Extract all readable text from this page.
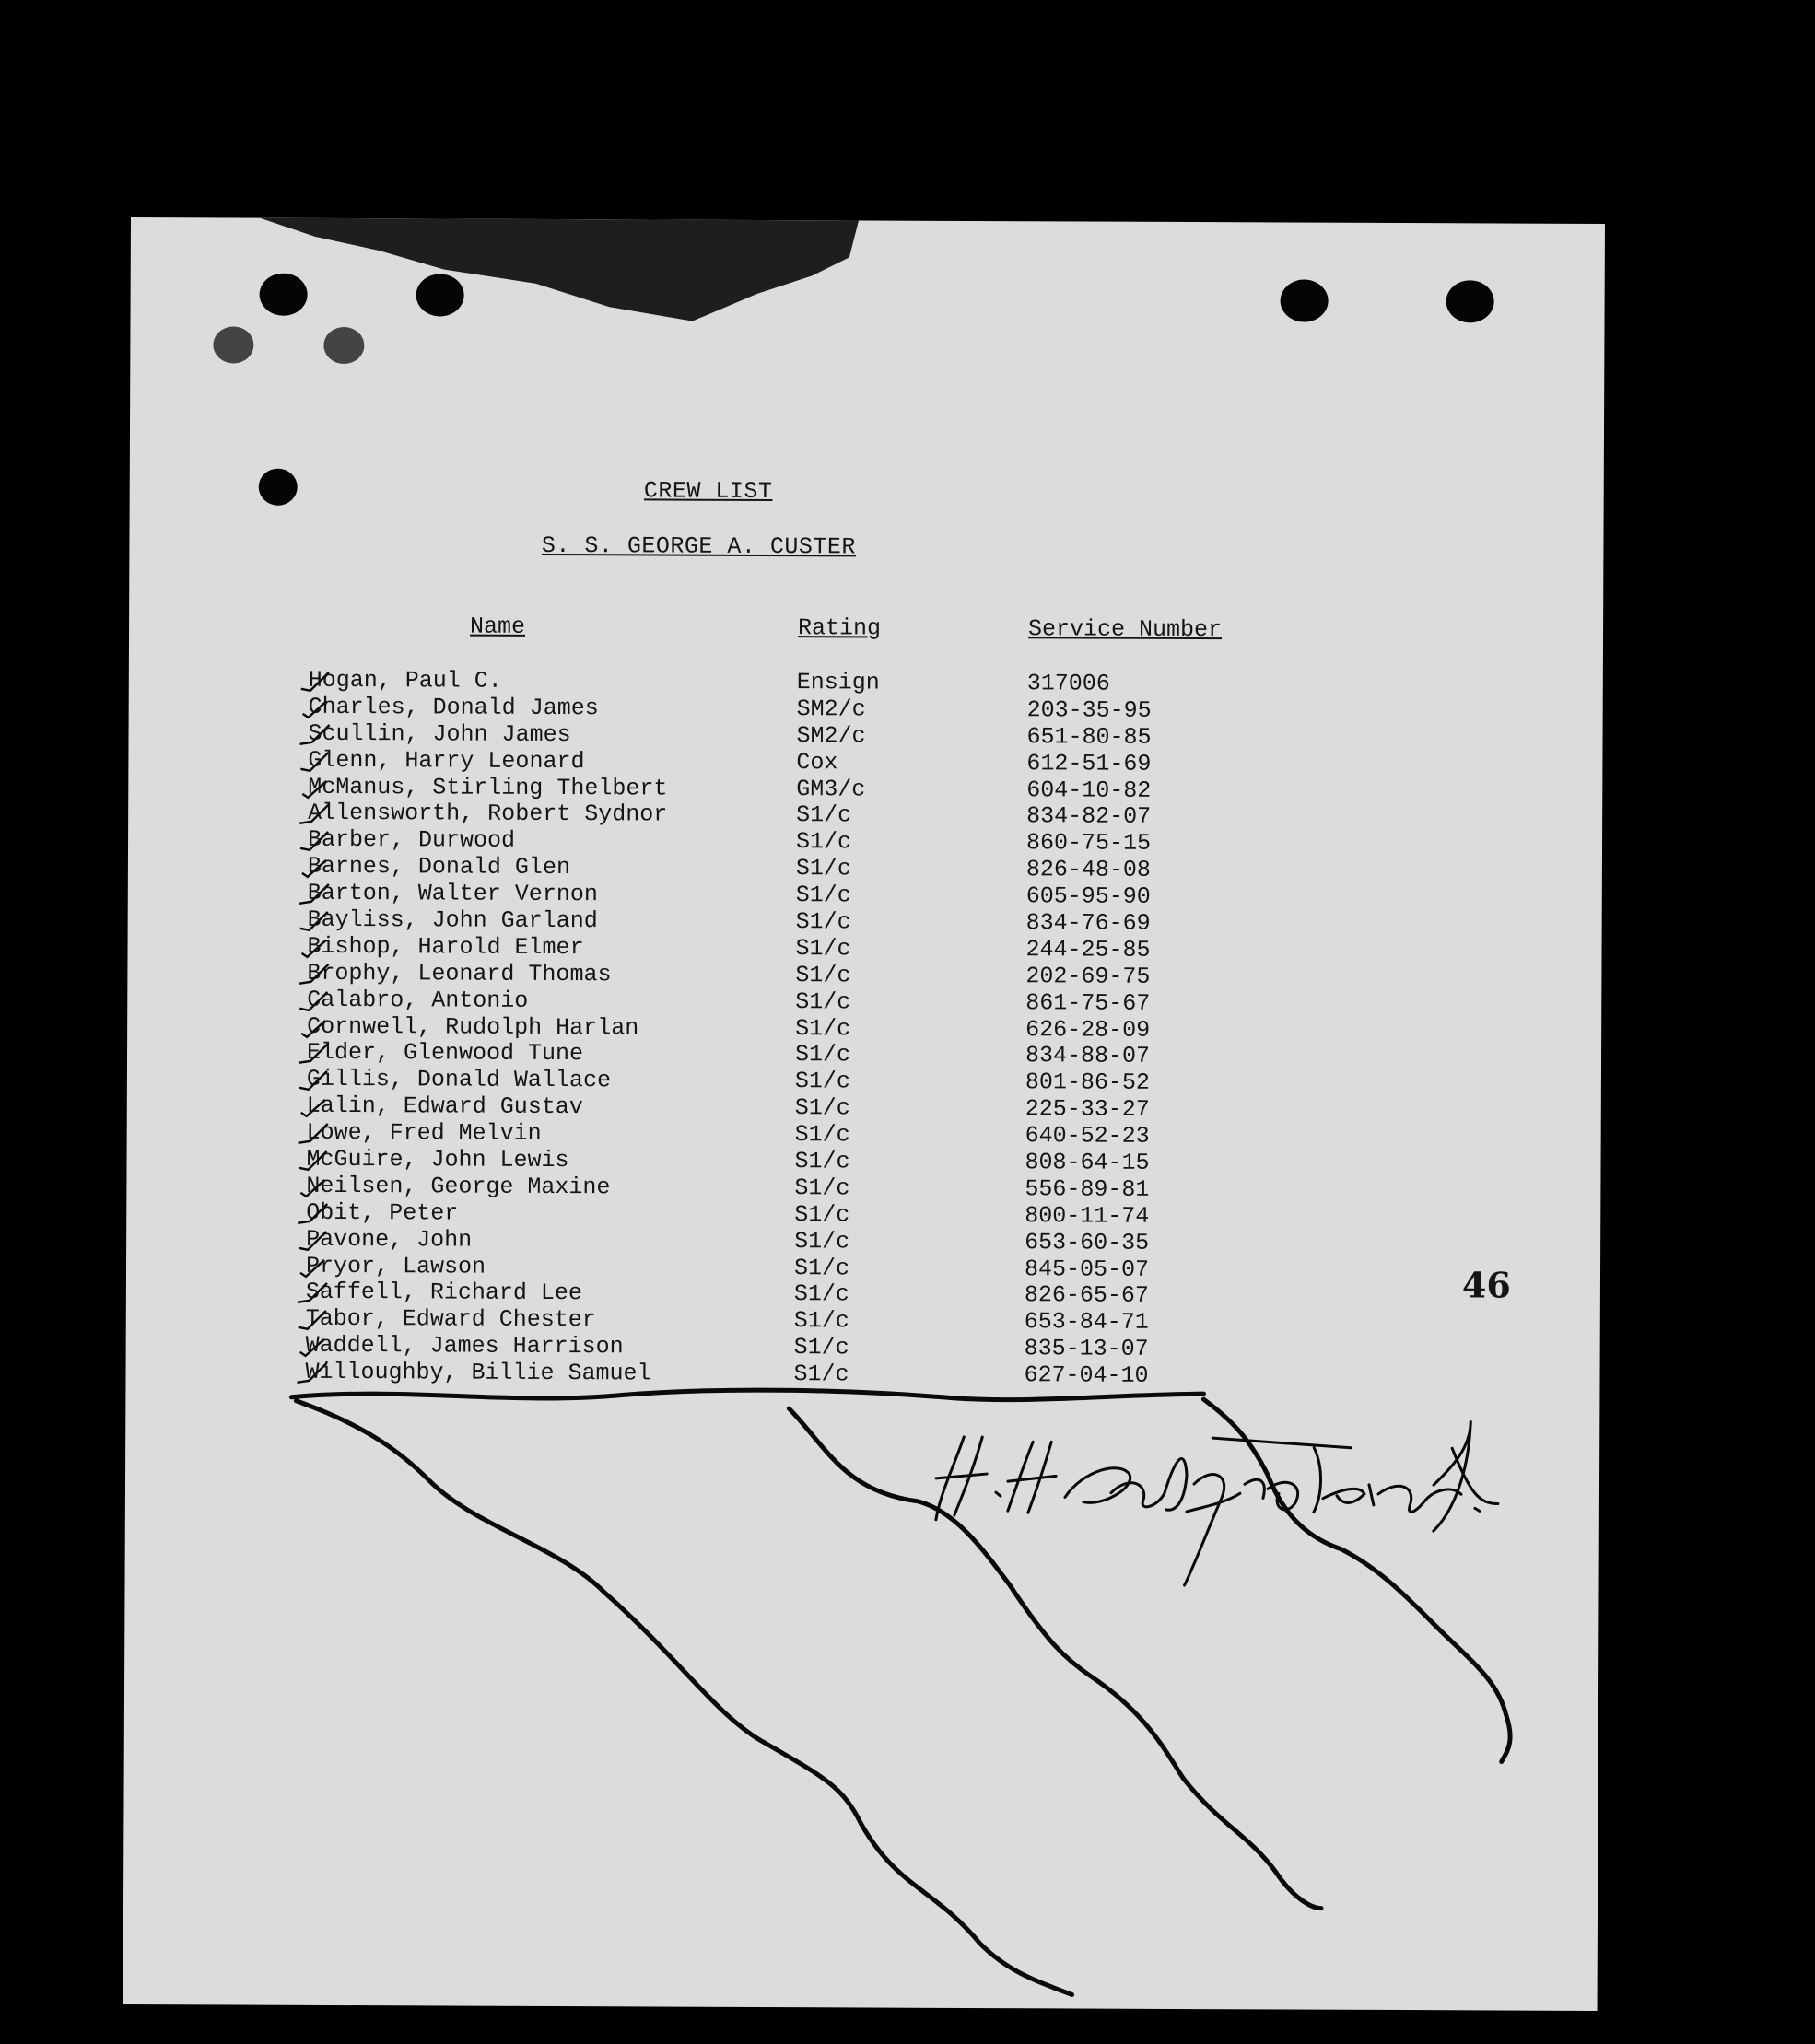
CREW LIST
S. S. GEORGE A. CUSTER
Name	Rating	Service Number
Hogan, Paul C.	Ensign	317006
Charles, Donald James	SM2/c	203-35-95
Scullin, John James	SM2/c	651-80-85
Glenn, Harry Leonard	Cox	612-51-69
McManus, Stirling Thelbert	GM3/c	604-10-82
Allensworth, Robert Sydnor	S1/c	834-82-07
Barber, Durwood	S1/c	860-75-15
Barnes, Donald Glen	S1/c	826-48-08
Barton, Walter Vernon	S1/c	605-95-90
Bayliss, John Garland	S1/c	834-76-69
Bishop, Harold Elmer	S1/c	244-25-85
Brophy, Leonard Thomas	S1/c	202-69-75
Calabro, Antonio	S1/c	861-75-67
Cornwell, Rudolph Harlan	S1/c	626-28-09
Elder, Glenwood Tune	S1/c	834-88-07
Gillis, Donald Wallace	S1/c	801-86-52
Lalin, Edward Gustav	S1/c	225-33-27
Lowe, Fred Melvin	S1/c	640-52-23
McGuire, John Lewis	S1/c	808-64-15
Neilsen, George Maxine	S1/c	556-89-81
Obit, Peter	S1/c	800-11-74
Pavone, John	S1/c	653-60-35
Pryor, Lawson	S1/c	845-05-07
Saffell, Richard Lee	S1/c	826-65-67
Tabor, Edward Chester	S1/c	653-84-71
Waddell, James Harrison	S1/c	835-13-07
Willoughby, Billie Samuel	S1/c	627-04-10
46
